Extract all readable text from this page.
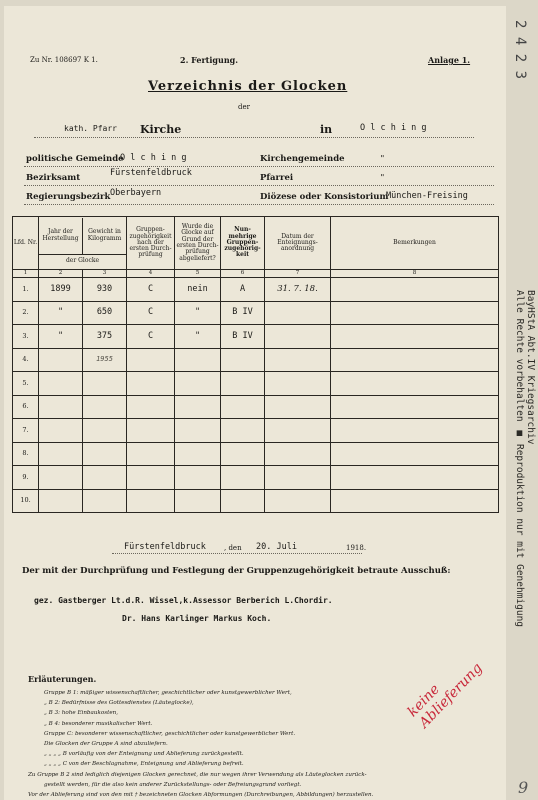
Zu Nr. 108697 K 1.	2. Fertigung.	Anlage 1.
Verzeichnis der Glocken
der
kath. Pfarr Kirche	in	O l c h i n g
politische Gemeinde
O l c h i n g	Kirchengemeinde	"
Bezirksamt	Fürstenfeldbruck	Pfarrei	"
Regierungsbezirk Oberbayern	Diözese oder Konsistorium
München-Freising
Lfd. Nr.	
Jahr der Herstellung	Gewicht in Kilogramm
der Glocke
	Gruppen-zugehörigkeit nach der ersten Durch-prüfung	Wurde die Glocke auf Grund der ersten Durch-prüfung abgeliefert?	Nun-mehrige Gruppen-zugehörig-keit	Datum der Enteignungs-anordnung	Bemerkungen
1	2	3	4	5	6	7	8
1.	1899	930	C	nein	A	31. 7. 18.	
2.	"	650	C	"	B IV		
3.	"	375	C	"	B IV		
4.		1955					
5.							
6.							
7.							
8.							
9.							
10.							
Fürstenfeldbruck	, den 20. Juli	1918.
Der mit der Durchprüfung und Festlegung der Gruppenzugehörigkeit betraute Ausschuß:
gez. Gastberger Lt.d.R. Wissel,k.Assessor Berberich L.Chordir.
Dr. Hans Karlinger Markus Koch.
Erläuterungen.
Gruppe B 1: mäßiger wissenschaftlicher, geschichtlicher oder kunstgewerblicher Wert,
„ B 2: Bedürfnisse des Gottesdienstes (Läuteglocke),
„ B 3: hohe Einbaukosten,
„ B 4: besonderer musikalischer Wert.
Gruppe C: besonderer wissenschaftlicher, geschichtlicher oder kunstgewerblicher Wert.
Die Glocken der Gruppe A sind abzuliefern.
„ „ „ „ B vorläufig von der Enteignung und Ablieferung zurückgestellt.
„ „ „ „ C von der Beschlagnahme, Enteignung und Ablieferung befreit.
Zu Gruppe B 2 sind lediglich diejenigen Glocken gerechnet, die nur wegen ihrer Verwendung als Läuteglocken zurück-
gestellt werden, für die also kein anderer Zurückstellungs- oder Befreiungsgrund vorliegt.
Vor der Ablieferung sind von den mit † bezeichneten Glocken Abformungen (Durchreibungen, Abbildungen) herzustellen.
keine Ablieferung
2 4 2 3
BayHStA Abt.IV Kriegsarchiv
Alle Rechte vorbehalten ■ Reproduktion nur mit Genehmigung
9
